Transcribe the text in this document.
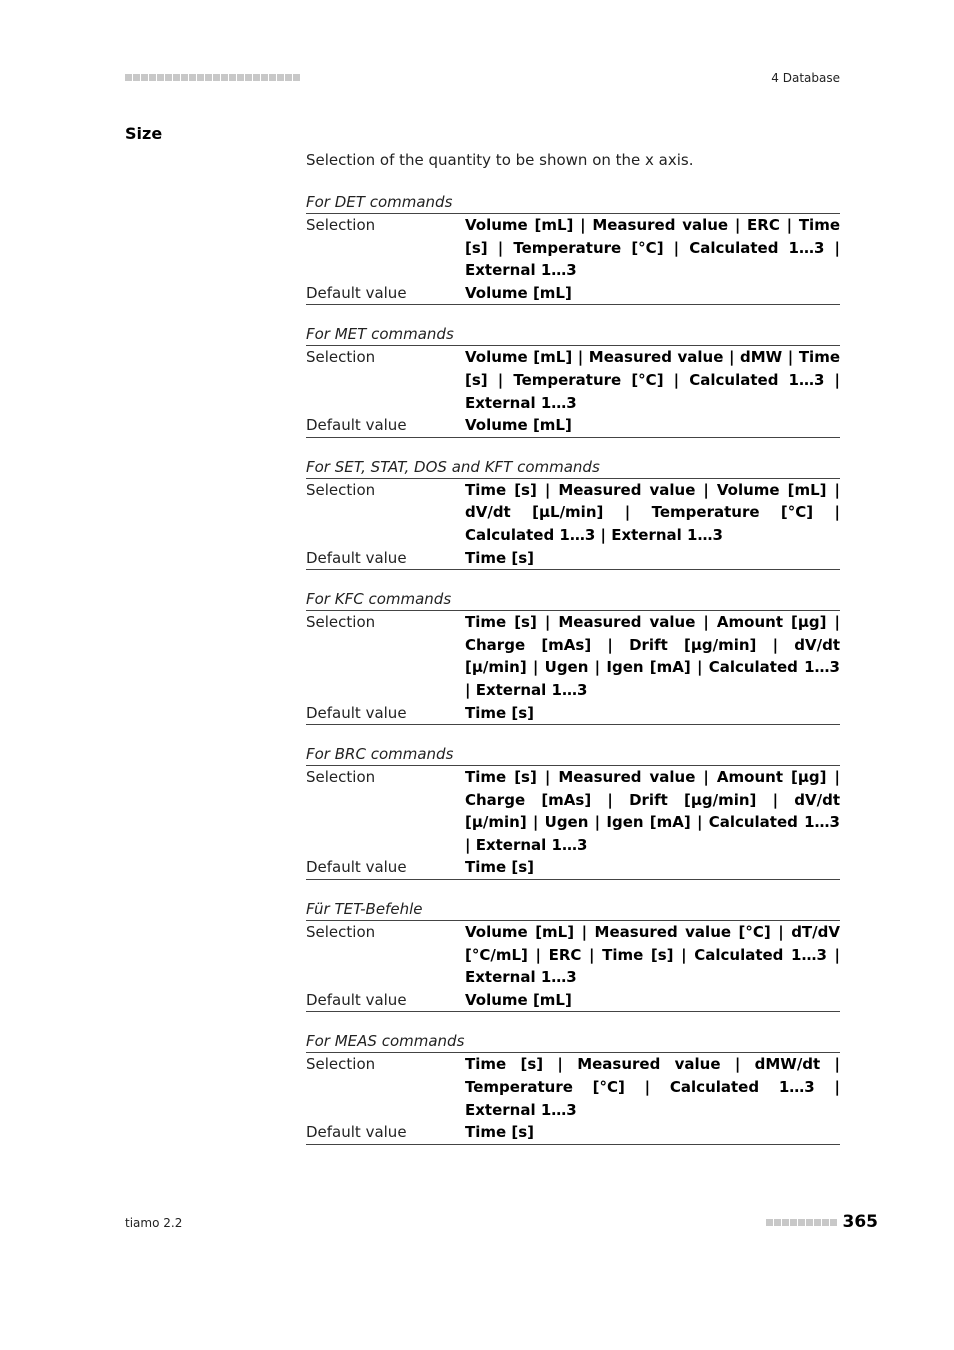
4 Database
Size
Selection of the quantity to be shown on the x axis.
For DET commands
Selection	Volume [mL] | Measured value | ERC | Time [s] | Temperature [°C] | Calculated 1…3 | External 1…3
Default value	Volume [mL]
For MET commands
Selection	Volume [mL] | Measured value | dMW | Time [s] | Temperature [°C] | Calculated 1…3 | External 1…3
Default value	Volume [mL]
For SET, STAT, DOS and KFT commands
Selection	Time [s] | Measured value | Volume [mL] | dV/dt [µL/min] | Temperature [°C] | Calculated 1…3 | External 1…3
Default value	Time [s]
For KFC commands
Selection	Time [s] | Measured value | Amount [µg] | Charge [mAs] | Drift [µg/min] | dV/dt [µ/min] | Ugen | Igen [mA] | Calculated 1…3 | External 1…3
Default value	Time [s]
For BRC commands
Selection	Time [s] | Measured value | Amount [µg] | Charge [mAs] | Drift [µg/min] | dV/dt [µ/min] | Ugen | Igen [mA] | Calculated 1…3 | External 1…3
Default value	Time [s]
Für TET-Befehle
Selection	Volume [mL] | Measured value [°C] | dT/dV [°C/mL] | ERC | Time [s] | Calculated 1…3 | External 1…3
Default value	Volume [mL]
For MEAS commands
Selection	Time [s] | Measured value | dMW/dt | Temperature [°C] | Calculated 1…3 | External 1…3
Default value	Time [s]
tiamo 2.2	365
